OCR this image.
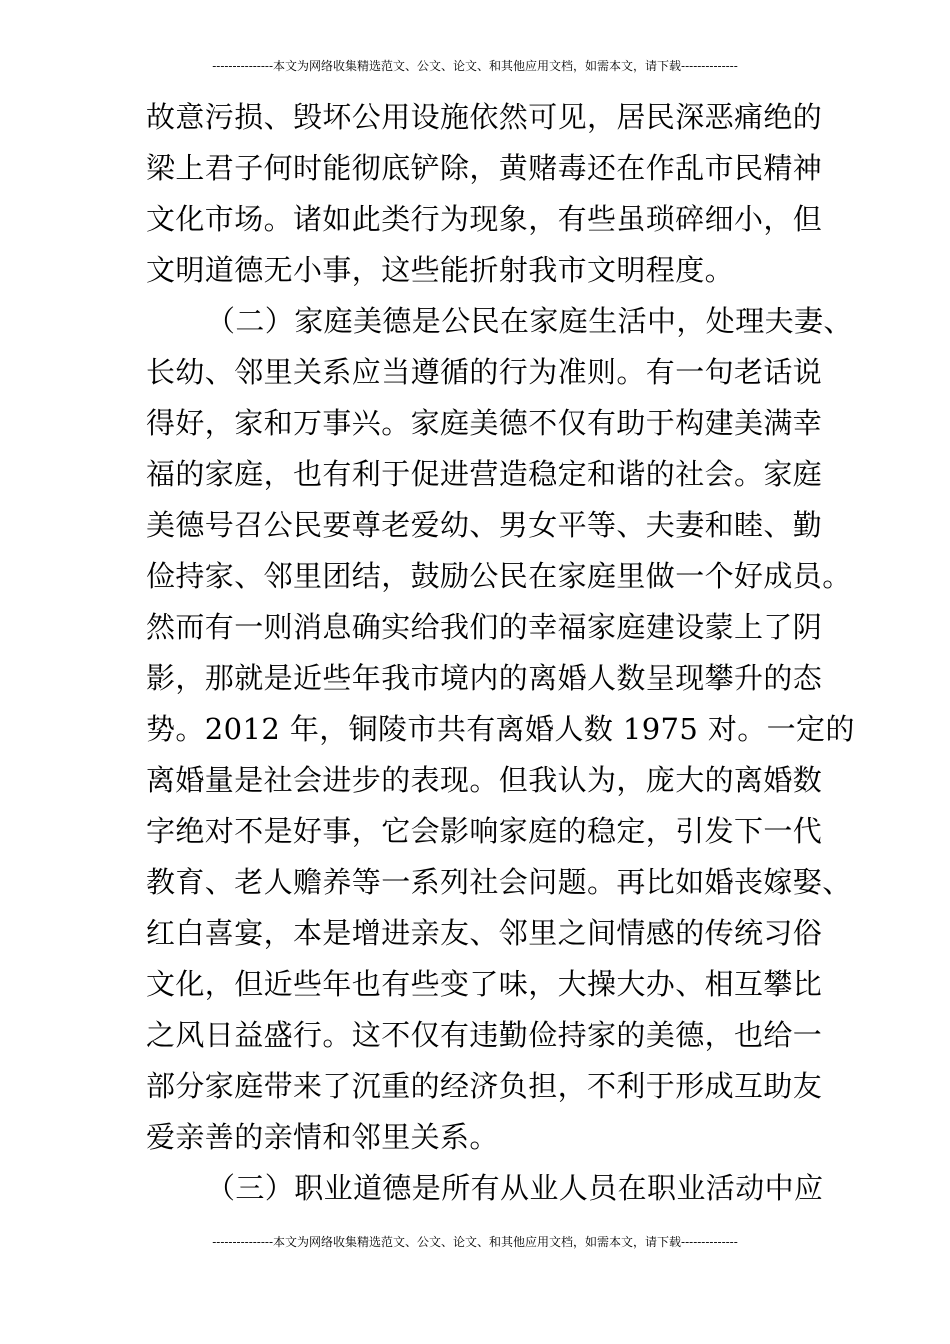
---------------本文为网络收集精选范文、公文、论文、和其他应用文档，如需本文，请下载--------------
故意污损、毁坏公用设施依然可见，居民深恶痛绝的
梁上君子何时能彻底铲除，黄赌毒还在作乱市民精神
文化市场。诸如此类行为现象，有些虽琐碎细小，但
文明道德无小事，这些能折射我市文明程度。
（二）家庭美德是公民在家庭生活中，处理夫妻、
长幼、邻里关系应当遵循的行为准则。有一句老话说
得好，家和万事兴。家庭美德不仅有助于构建美满幸
福的家庭，也有利于促进营造稳定和谐的社会。家庭
美德号召公民要尊老爱幼、男女平等、夫妻和睦、勤
俭持家、邻里团结，鼓励公民在家庭里做一个好成员。
然而有一则消息确实给我们的幸福家庭建设蒙上了阴
影，那就是近些年我市境内的离婚人数呈现攀升的态
势。2012 年，铜陵市共有离婚人数 1975 对。一定的
离婚量是社会进步的表现。但我认为，庞大的离婚数
字绝对不是好事，它会影响家庭的稳定，引发下一代
教育、老人赡养等一系列社会问题。再比如婚丧嫁娶、
红白喜宴，本是增进亲友、邻里之间情感的传统习俗
文化，但近些年也有些变了味，大操大办、相互攀比
之风日益盛行。这不仅有违勤俭持家的美德，也给一
部分家庭带来了沉重的经济负担，不利于形成互助友
爱亲善的亲情和邻里关系。
（三）职业道德是所有从业人员在职业活动中应
---------------本文为网络收集精选范文、公文、论文、和其他应用文档，如需本文，请下载--------------
